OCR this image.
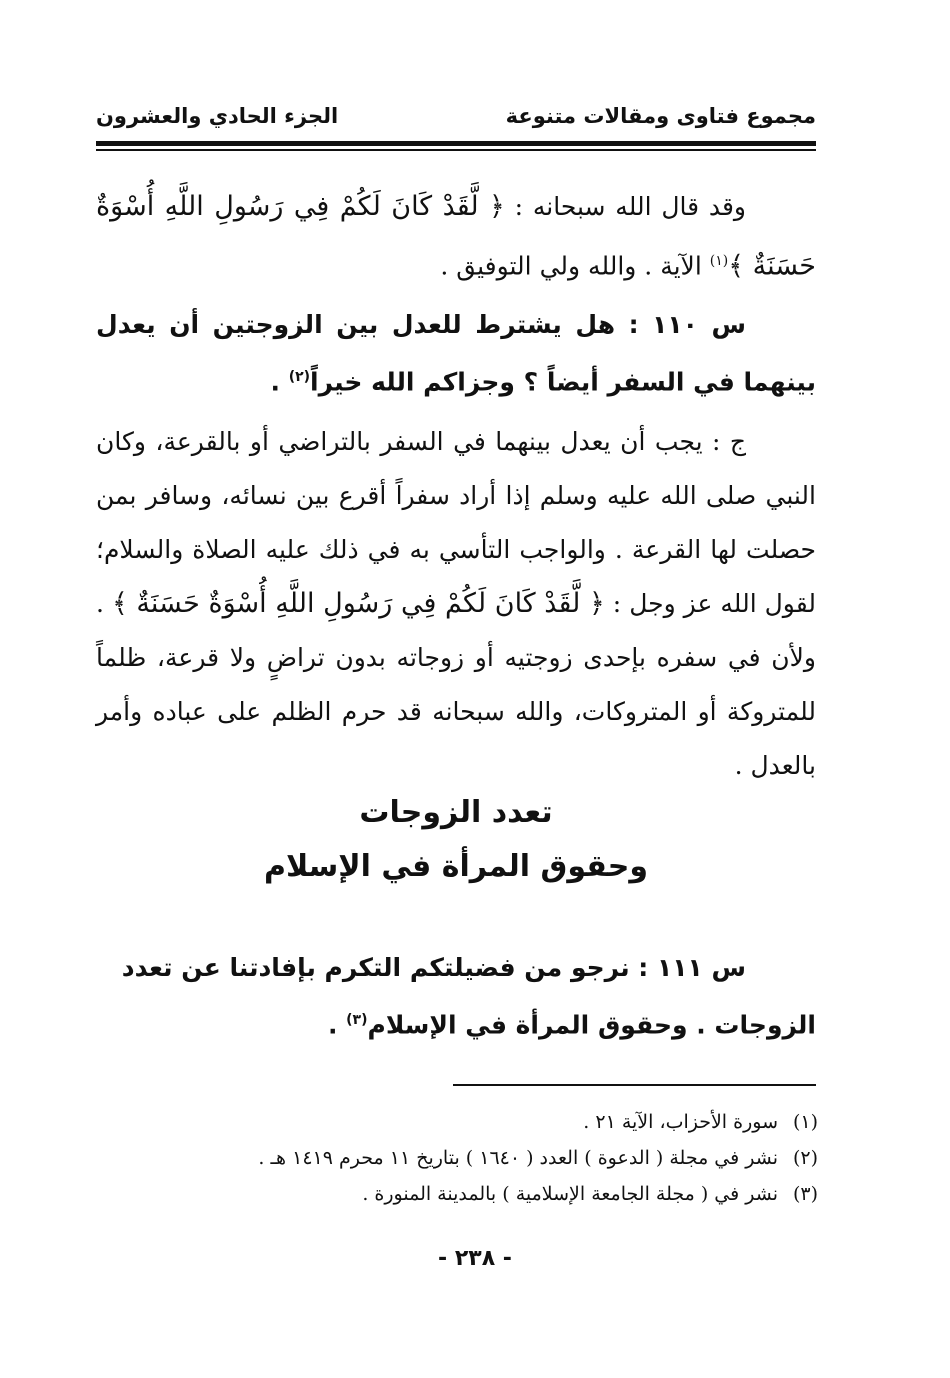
مجموع فتاوى ومقالات متنوعة
الجزء الحادي والعشرون

وقد قال الله سبحانه : ﴿ لَّقَدْ كَانَ لَكُمْ فِي رَسُولِ اللَّهِ أُسْوَةٌ حَسَنَةٌ ﴾$^{(١)}$ الآية . والله ولي التوفيق .

س ١١٠ : هل يشترط للعدل بين الزوجتين أن يعدل بينهما في السفر أيضاً ؟ وجزاكم الله خيراً$^{(٢)}$ .

ج : يجب أن يعدل بينهما في السفر بالتراضي أو بالقرعة، وكان النبي صلى الله عليه وسلم إذا أراد سفراً أقرع بين نسائه، وسافر بمن حصلت لها القرعة . والواجب التأسي به في ذلك عليه الصلاة والسلام؛ لقول الله عز وجل : ﴿ لَّقَدْ كَانَ لَكُمْ فِي رَسُولِ اللَّهِ أُسْوَةٌ حَسَنَةٌ ﴾ . ولأن في سفره بإحدى زوجتيه أو زوجاته بدون تراضٍ ولا قرعة، ظلماً للمتروكة أو المتروكات، والله سبحانه قد حرم الظلم على عباده وأمر بالعدل .

تعدد الزوجات
وحقوق المرأة في الإسلام

س ١١١ : نرجو من فضيلتكم التكرم بإفادتنا عن تعدد الزوجات . وحقوق المرأة في الإسلام$^{(٣)}$ .

(١)سورة الأحزاب، الآية ٢١ .
(٢)نشر في مجلة ( الدعوة ) العدد ( ١٦٤٠ ) بتاريخ ١١ محرم ١٤١٩ هـ .
(٣)نشر في ( مجلة الجامعة الإسلامية ) بالمدينة المنورة .
- ٢٣٨ -
